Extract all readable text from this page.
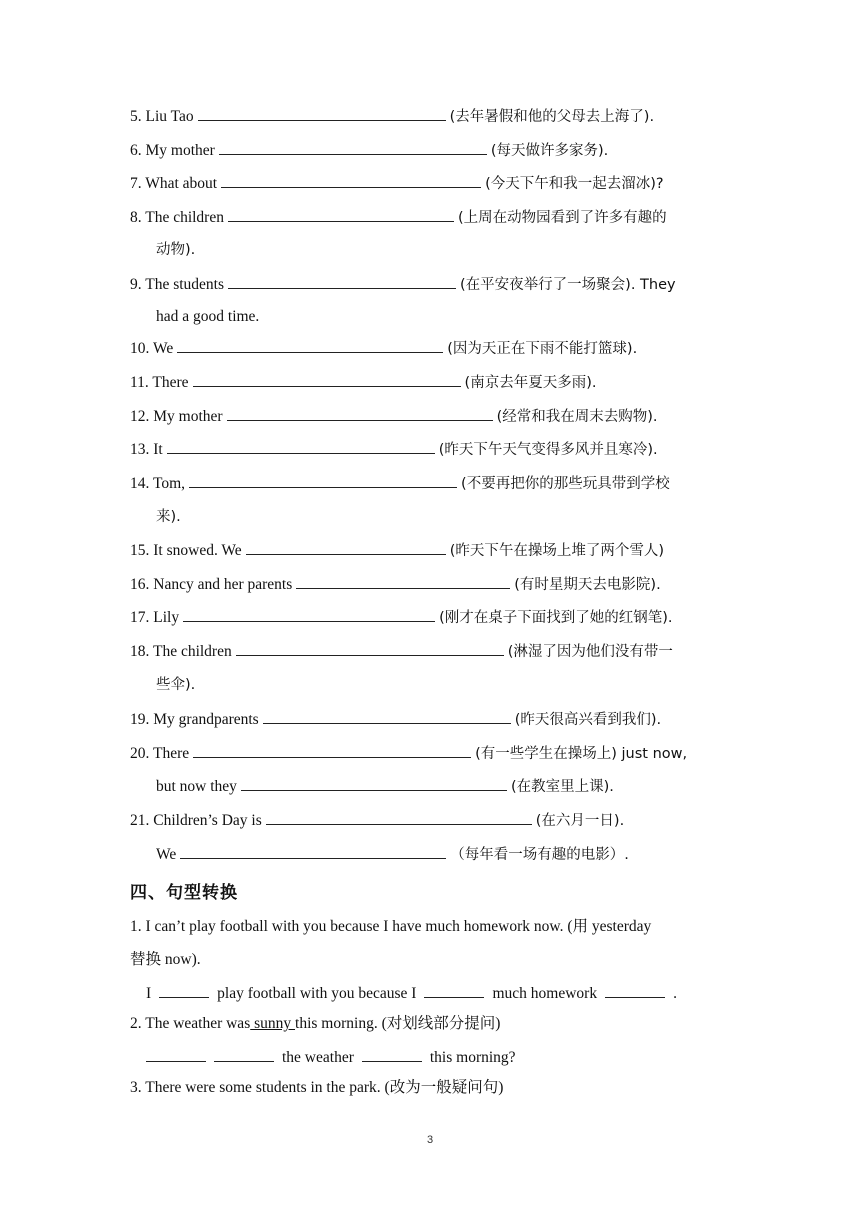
5. Liu Tao	(去年暑假和他的父母去上海了).
6. My mother	(每天做许多家务).
7. What about	(今天下午和我一起去溜冰)?
8. The children	(上周在动物园看到了许多有趣的
动物).
9. The students	(在平安夜举行了一场聚会). They
had a good time.
10. We	(因为天正在下雨不能打篮球).
11. There	(南京去年夏天多雨).
12. My mother	(经常和我在周末去购物).
13. It	(昨天下午天气变得多风并且寒冷).
14. Tom,	(不要再把你的那些玩具带到学校
来).
15. It snowed. We	(昨天下午在操场上堆了两个雪人)
16. Nancy and her parents	(有时星期天去电影院).
17. Lily	(刚才在桌子下面找到了她的红钢笔).
18. The children	(淋湿了因为他们没有带一
些伞).
19. My grandparents	(昨天很高兴看到我们).
20. There	(有一些学生在操场上) just now,
but now they	(在教室里上课).
21. Children’s Day is	(在六月一日).
We	（每年看一场有趣的电影）.
四、句型转换
1. I can’t play football with you because I have much homework now. (用 yesterday
替换 now).
I	play football with you because I	much homework	.
2. The weather was sunny this morning. (对划线部分提问)
the weather	this morning?
3. There were some students in the park. (改为一般疑问句)
3
